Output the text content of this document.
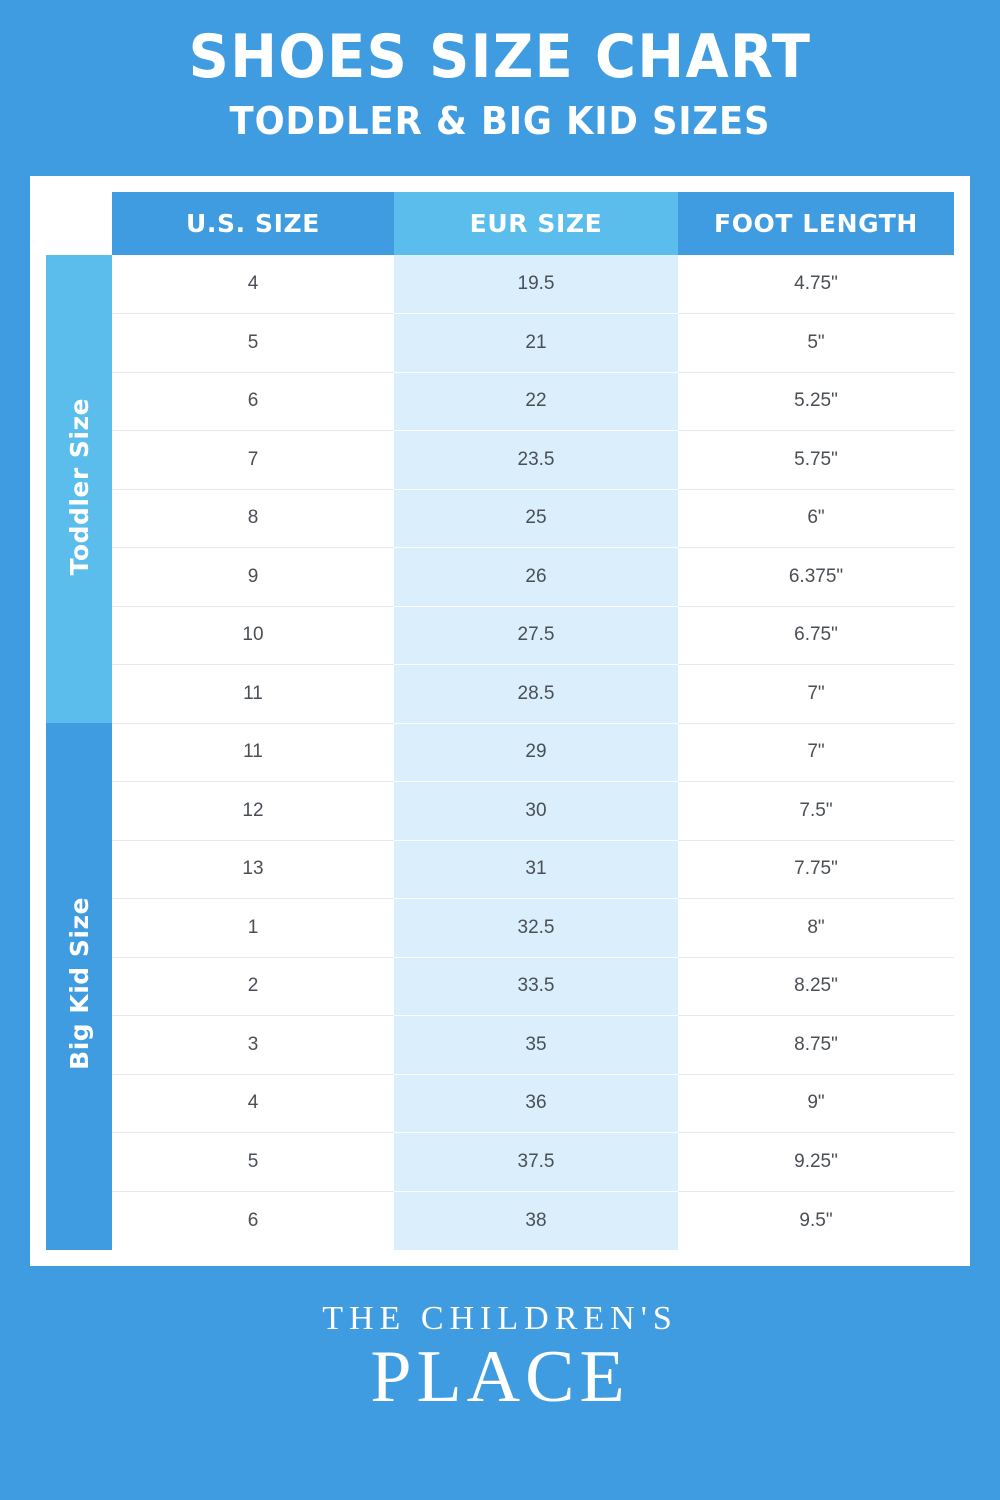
SHOES SIZE CHART
TODDLER & BIG KID SIZES
	U.S. SIZE	EUR SIZE	FOOT LENGTH
Toddler Size	4	19.5	4.75"
	5	21	5"
	6	22	5.25"
	7	23.5	5.75"
	8	25	6"
	9	26	6.375"
	10	27.5	6.75"
	11	28.5	7"
Big Kid Size	11	29	7"
	12	30	7.5"
	13	31	7.75"
	1	32.5	8"
	2	33.5	8.25"
	3	35	8.75"
	4	36	9"
	5	37.5	9.25"
	6	38	9.5"
THE CHILDREN'S
PLACE
